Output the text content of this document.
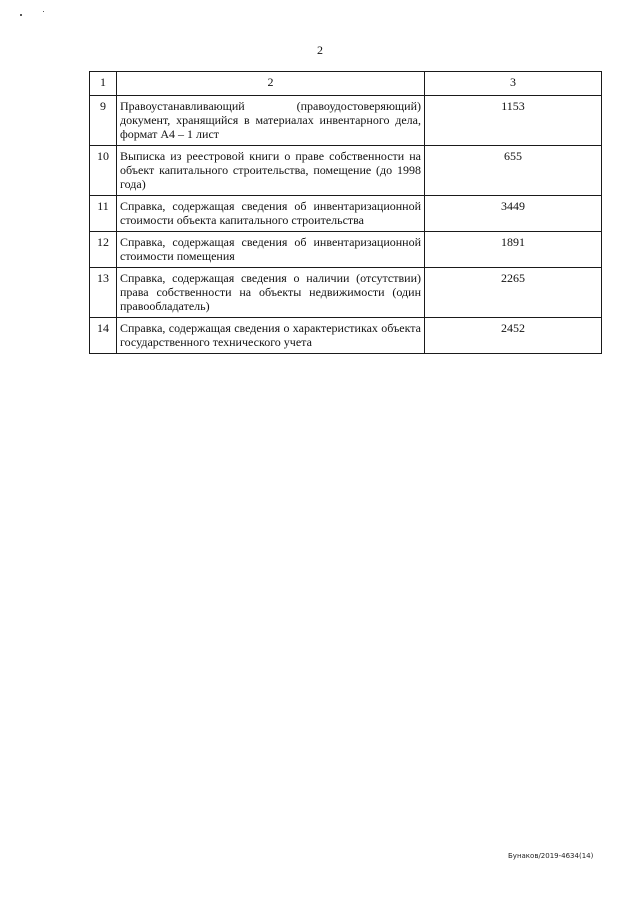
2
1	2	3
9	Правоустанавливающий (правоудостоверяющий) документ, хранящийся в материалах инвентарного дела, формат А4 – 1 лист	1153
10	Выписка из реестровой книги о праве собственности на объект капитального строительства, помещение (до 1998 года)	655
11	Справка, содержащая сведения об инвентаризационной стоимости объекта капитального строительства	3449
12	Справка, содержащая сведения об инвентаризационной стоимости помещения	1891
13	Справка, содержащая сведения о наличии (отсутствии) права собственности на объекты недвижимости (один правообладатель)	2265
14	Справка, содержащая сведения о характеристиках объекта государственного технического учета	2452
Бунаков/2019-4634(14)
